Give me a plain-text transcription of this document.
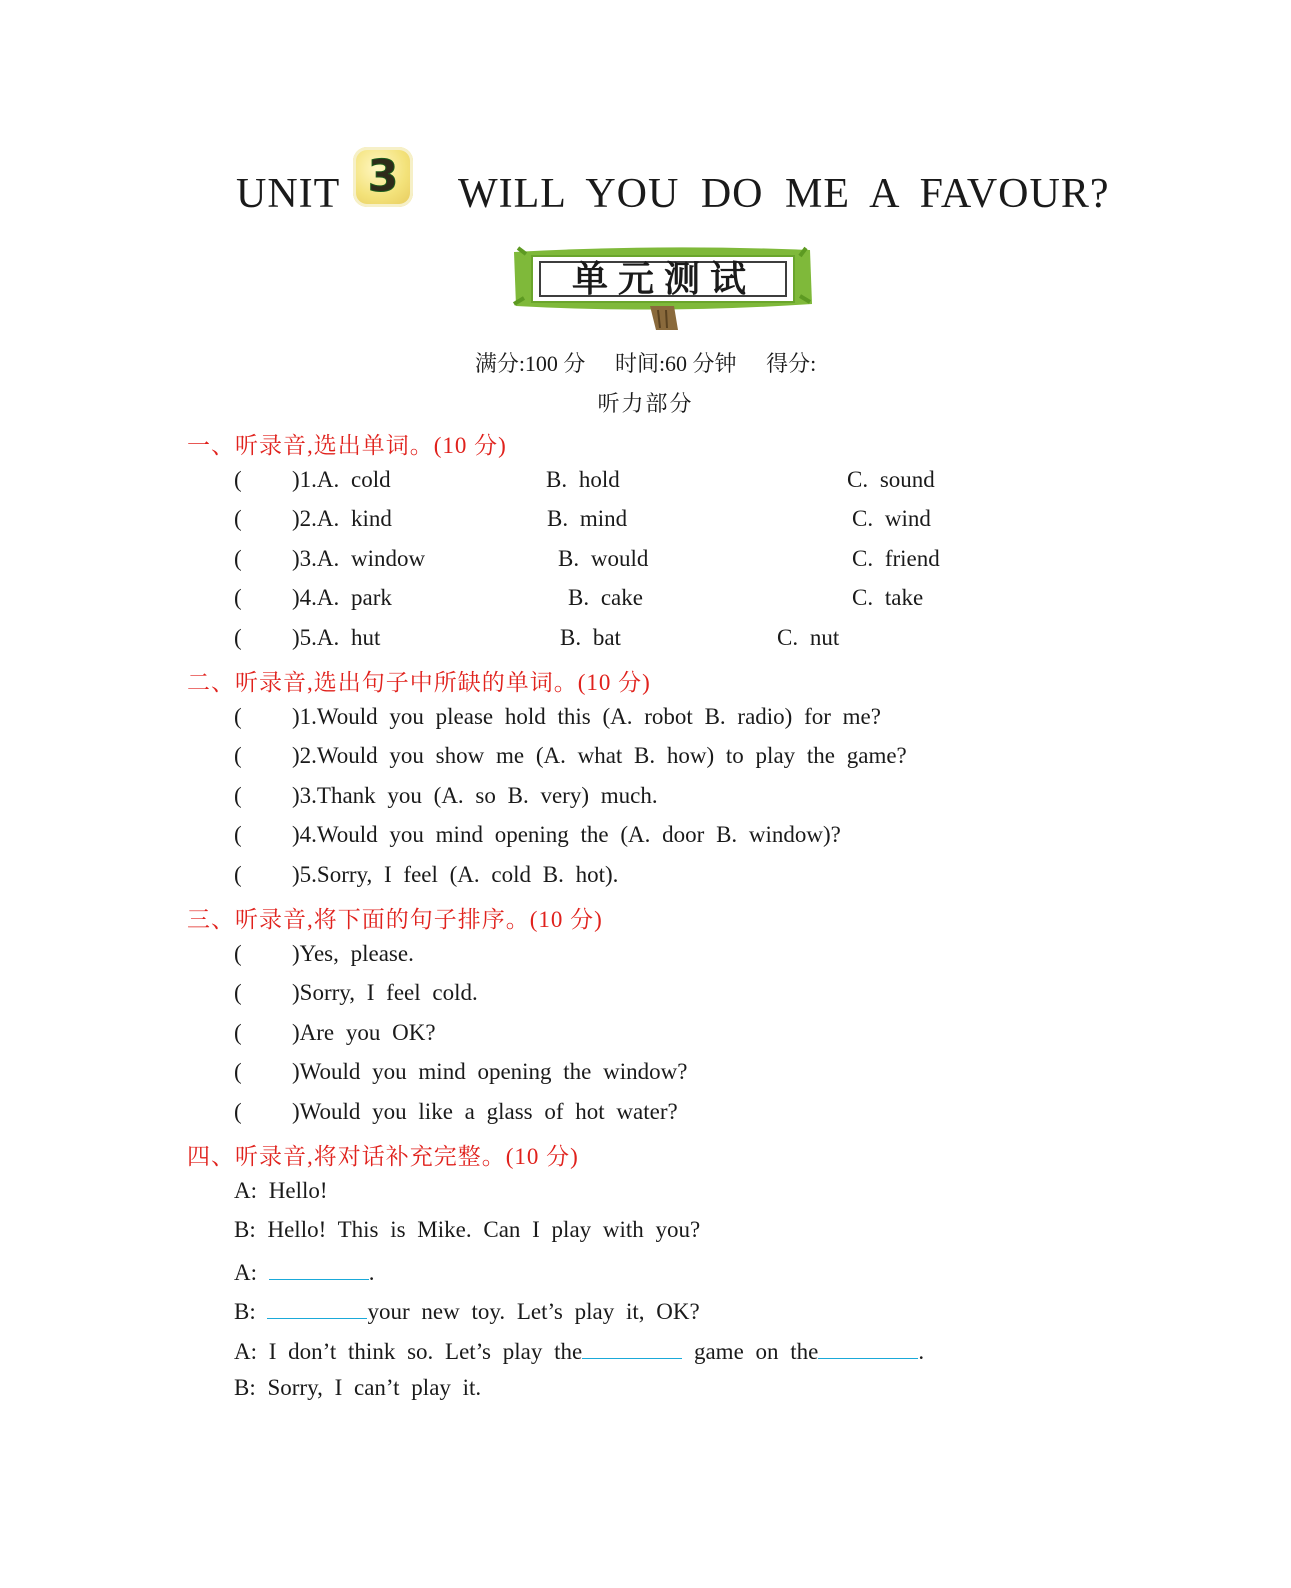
UNIT 3	WILL YOU DO ME A FAVOUR?
单元测试
满分:100 分 时间:60 分钟 得分:
听力部分
一、听录音,选出单词。(10 分)
( )1.A. cold	B. hold	C. sound
( )2.A. kind	B. mind	C. wind
( )3.A. window	B. would	C. friend
( )4.A. park	B. cake	C. take
( )5.A. hut	B. bat	C. nut
二、听录音,选出句子中所缺的单词。(10 分)
( )1.Would you please hold this (A. robot B. radio) for me?
( )2.Would you show me (A. what B. how) to play the game?
( )3.Thank you (A. so B. very) much.
( )4.Would you mind opening the (A. door B. window)?
( )5.Sorry, I feel (A. cold B. hot).
三、听录音,将下面的句子排序。(10 分)
( )Yes, please.
( )Sorry, I feel cold.
( )Are you OK?
( )Would you mind opening the window?
( )Would you like a glass of hot water?
四、听录音,将对话补充完整。(10 分)
A: Hello!
B: Hello! This is Mike. Can I play with you?
A:	.
B:	your new toy. Let’s play it, OK?
A: I don’t think so. Let’s play the	game on the	.
B: Sorry, I can’t play it.
